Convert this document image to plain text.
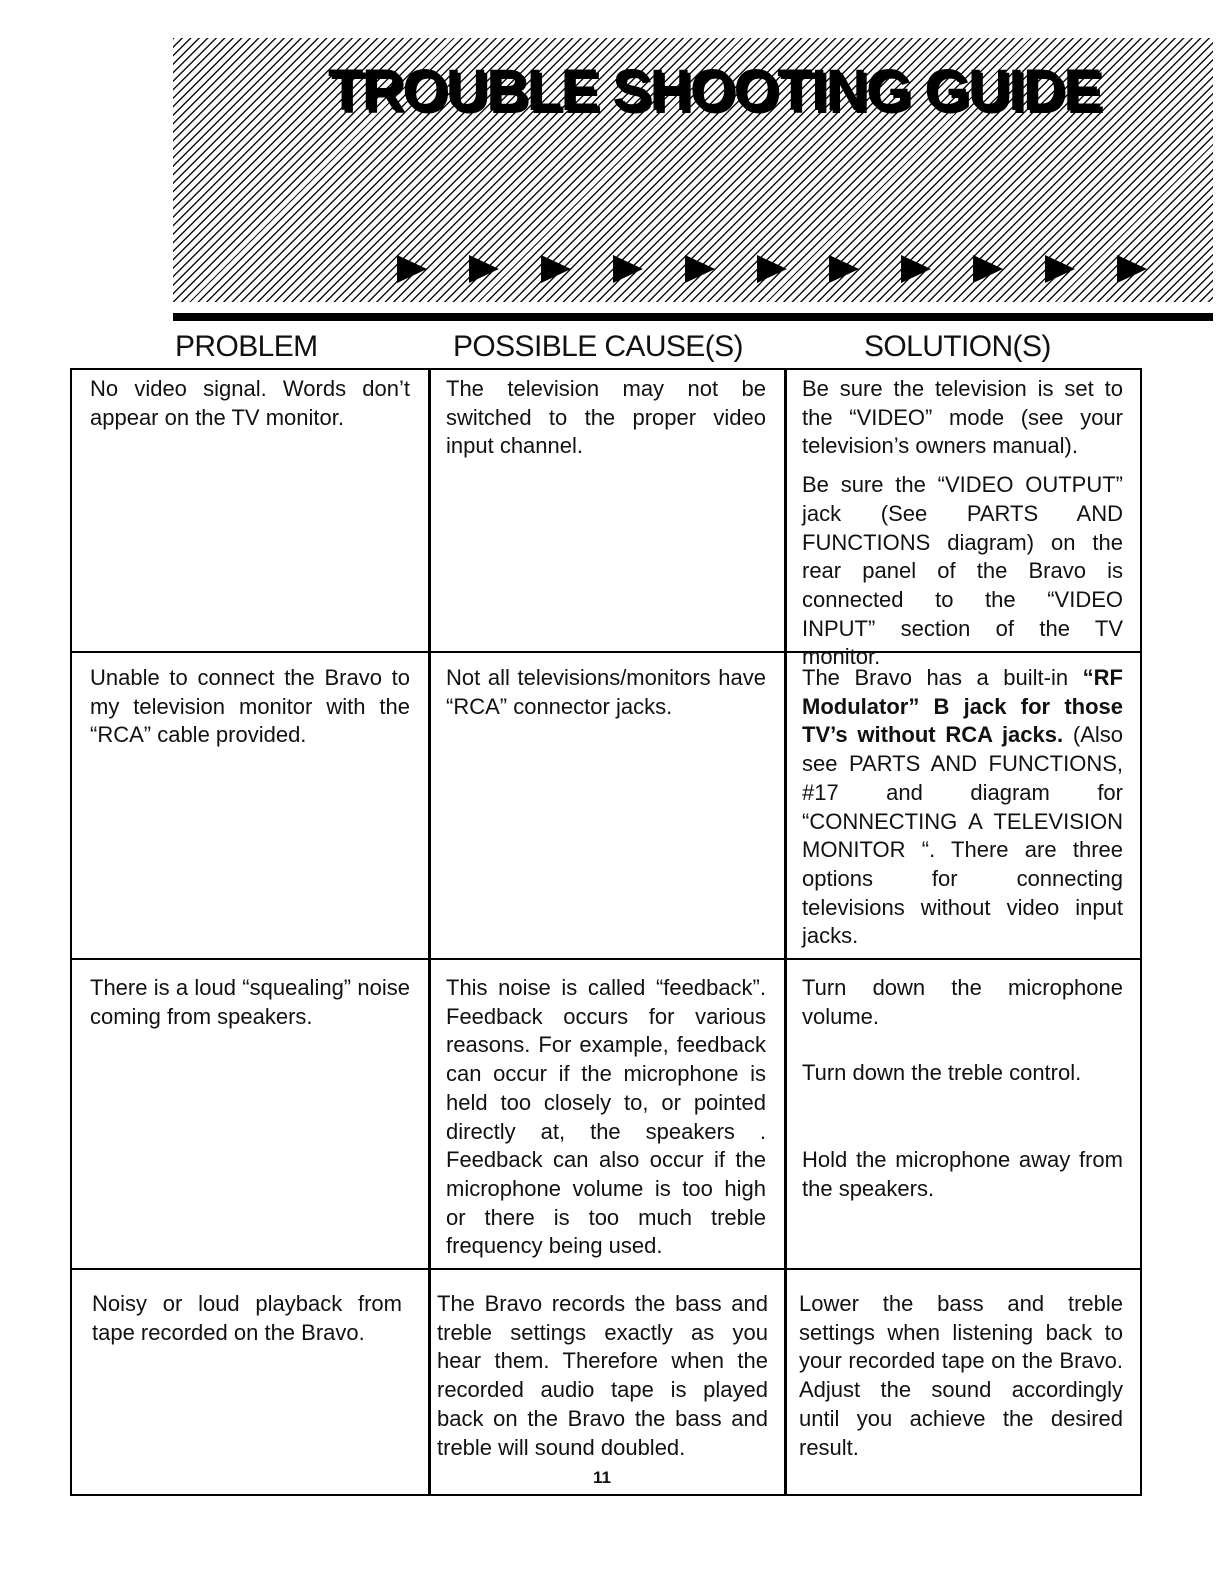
TROUBLE SHOOTING GUIDE
PROBLEM	POSSIBLE CAUSE(S)	SOLUTION(S)
No video signal. Words don’t appear on the TV monitor.
The television may not be switched to the proper video input channel.

Be sure the television is set to the “VIDEO” mode (see your television’s owners manual).

Be sure the “VIDEO OUTPUT” jack (See PARTS AND FUNCTIONS diagram) on the rear panel of the Bravo is connected to the “VIDEO INPUT” section of the TV monitor.

Unable to connect the Bravo to my television monitor with the “RCA” cable provided.
Not all televisions/monitors have “RCA” connector jacks.
The Bravo has a built-in “RF Modulator” B jack for those TV’s without RCA jacks. (Also see PARTS AND FUNCTIONS, #17 and diagram for “CONNECTING A TELEVISION MONITOR “. There are three options for connecting televisions without video input jacks.
There is a loud “squealing” noise coming from speakers.
This noise is called “feedback”. Feedback occurs for various reasons. For example, feedback can occur if the microphone is held too closely to, or pointed directly at, the speakers . Feedback can also occur if the microphone volume is too high or there is too much treble frequency being used.

Turn down the microphone volume.

Turn down the treble control.

Hold the microphone away from the speakers.

Noisy or loud playback from tape recorded on the Bravo.
The Bravo records the bass and treble settings exactly as you hear them. Therefore when the recorded audio tape is played back on the Bravo the bass and treble will sound doubled.
Lower the bass and treble settings when listening back to your recorded tape on the Bravo. Adjust the sound accordingly until you achieve the desired result.
11
